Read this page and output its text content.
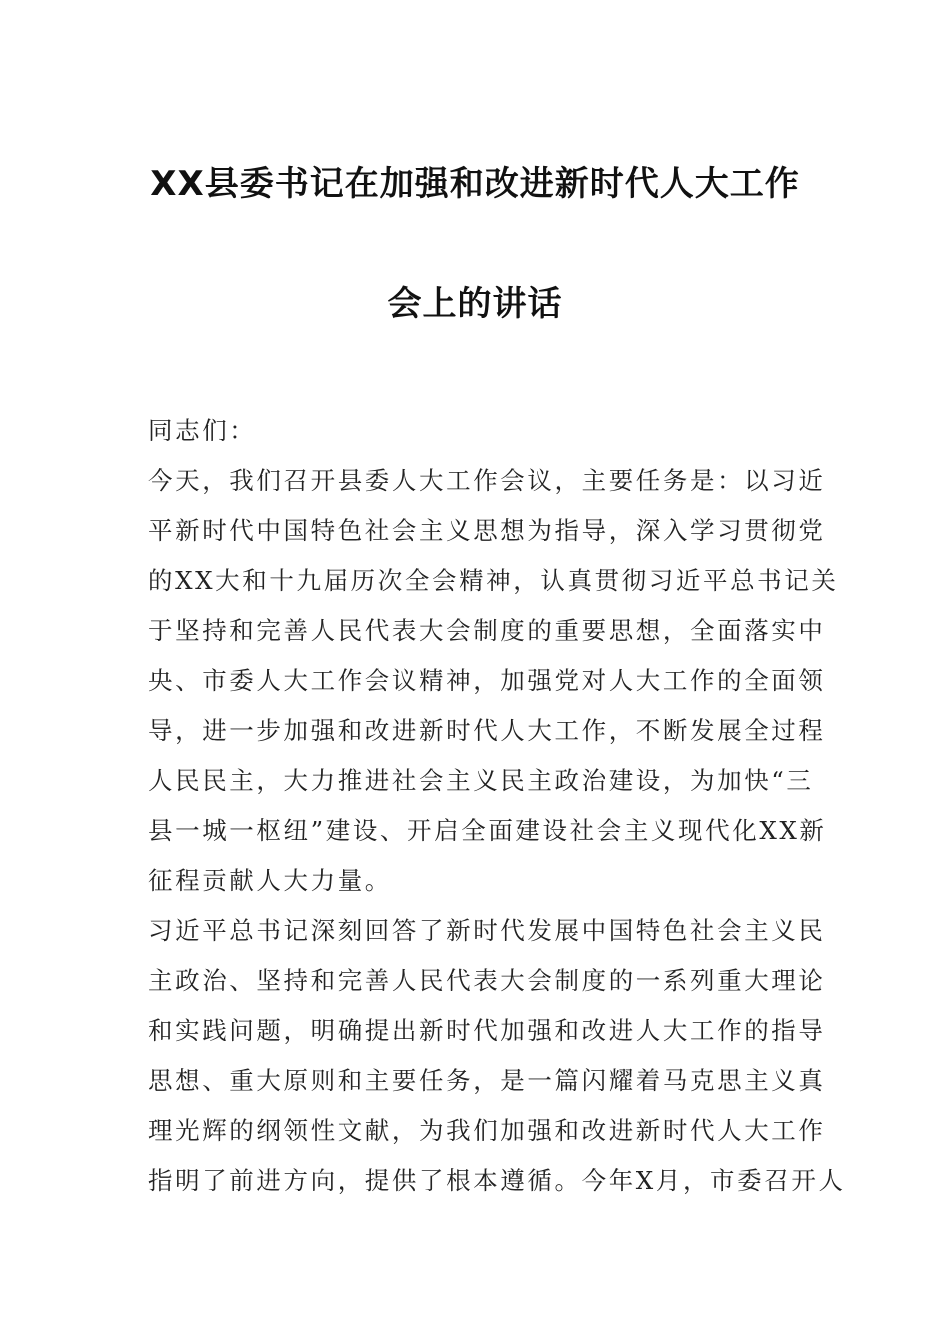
XX县委书记在加强和改进新时代人大工作
会上的讲话
同志们：
今天，我们召开县委人大工作会议，主要任务是：以习近
平新时代中国特色社会主义思想为指导，深入学习贯彻党
的XX大和十九届历次全会精神，认真贯彻习近平总书记关
于坚持和完善人民代表大会制度的重要思想，全面落实中
央、市委人大工作会议精神，加强党对人大工作的全面领
导，进一步加强和改进新时代人大工作，不断发展全过程
人民民主，大力推进社会主义民主政治建设，为加快“三
县一城一枢纽”建设、开启全面建设社会主义现代化XX新
征程贡献人大力量。
习近平总书记深刻回答了新时代发展中国特色社会主义民
主政治、坚持和完善人民代表大会制度的一系列重大理论
和实践问题，明确提出新时代加强和改进人大工作的指导
思想、重大原则和主要任务，是一篇闪耀着马克思主义真
理光辉的纲领性文献，为我们加强和改进新时代人大工作
指明了前进方向，提供了根本遵循。今年X月，市委召开人
